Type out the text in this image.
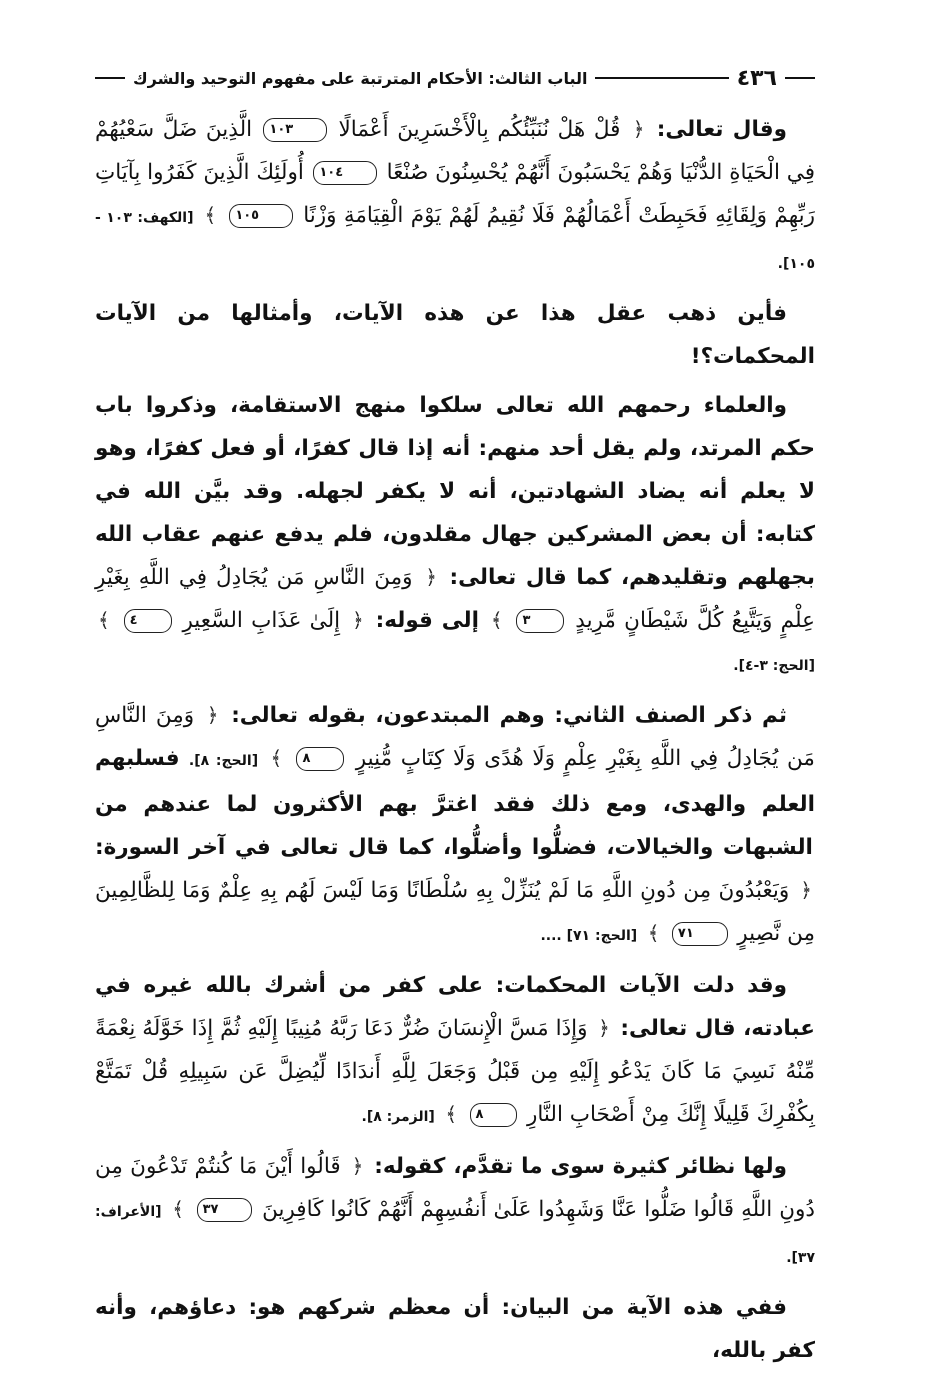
٤٣٦
الباب الثالث: الأحكام المترتبة على مفهوم التوحيد والشرك

وقال تعالى: ﴿ قُلْ هَلْ نُنَبِّئُكُم بِالْأَخْسَرِينَ أَعْمَالًا ١٠٣ الَّذِينَ ضَلَّ سَعْيُهُمْ فِي الْحَيَاةِ الدُّنْيَا وَهُمْ يَحْسَبُونَ أَنَّهُمْ يُحْسِنُونَ صُنْعًا ١٠٤ أُولَئِكَ الَّذِينَ كَفَرُوا بِآيَاتِ رَبِّهِمْ وَلِقَائِهِ فَحَبِطَتْ أَعْمَالُهُمْ فَلَا نُقِيمُ لَهُمْ يَوْمَ الْقِيَامَةِ وَزْنًا ١٠٥ ﴾ [الكهف: ١٠٣ - ١٠٥].

فأين ذهب عقل هذا عن هذه الآيات، وأمثالها من الآيات المحكمات؟!

والعلماء رحمهم الله تعالى سلكوا منهج الاستقامة، وذكروا باب حكم المرتد، ولم يقل أحد منهم: أنه إذا قال كفرًا، أو فعل كفرًا، وهو لا يعلم أنه يضاد الشهادتين، أنه لا يكفر لجهله. وقد بيَّن الله في كتابه: أن بعض المشركين جهال مقلدون، فلم يدفع عنهم عقاب الله بجهلهم وتقليدهم، كما قال تعالى: ﴿ وَمِنَ النَّاسِ مَن يُجَادِلُ فِي اللَّهِ بِغَيْرِ عِلْمٍ وَيَتَّبِعُ كُلَّ شَيْطَانٍ مَّرِيدٍ ٣ ﴾ إلى قوله: ﴿ إِلَىٰ عَذَابِ السَّعِيرِ ٤ ﴾ [الحج: ٣-٤].

ثم ذكر الصنف الثاني: وهم المبتدعون، بقوله تعالى: ﴿ وَمِنَ النَّاسِ مَن يُجَادِلُ فِي اللَّهِ بِغَيْرِ عِلْمٍ وَلَا هُدًى وَلَا كِتَابٍ مُّنِيرٍ ٨ ﴾ [الحج: ٨]. فسلبهم العلم والهدى، ومع ذلك فقد اغترَّ بهم الأكثرون لما عندهم من الشبهات والخيالات، فضلُّوا وأضلُّوا، كما قال تعالى في آخر السورة: ﴿ وَيَعْبُدُونَ مِن دُونِ اللَّهِ مَا لَمْ يُنَزِّلْ بِهِ سُلْطَانًا وَمَا لَيْسَ لَهُم بِهِ عِلْمٌ وَمَا لِلظَّالِمِينَ مِن نَّصِيرٍ ٧١ ﴾ [الحج: ٧١] ....

وقد دلت الآيات المحكمات: على كفر من أشرك بالله غيره في عبادته، قال تعالى: ﴿ وَإِذَا مَسَّ الْإِنسَانَ ضُرٌّ دَعَا رَبَّهُ مُنِيبًا إِلَيْهِ ثُمَّ إِذَا خَوَّلَهُ نِعْمَةً مِّنْهُ نَسِيَ مَا كَانَ يَدْعُو إِلَيْهِ مِن قَبْلُ وَجَعَلَ لِلَّهِ أَندَادًا لِّيُضِلَّ عَن سَبِيلِهِ قُلْ تَمَتَّعْ بِكُفْرِكَ قَلِيلًا إِنَّكَ مِنْ أَصْحَابِ النَّارِ ٨ ﴾ [الزمر: ٨].

ولها نظائر كثيرة سوى ما تقدَّم، كقوله: ﴿ قَالُوا أَيْنَ مَا كُنتُمْ تَدْعُونَ مِن دُونِ اللَّهِ قَالُوا ضَلُّوا عَنَّا وَشَهِدُوا عَلَىٰ أَنفُسِهِمْ أَنَّهُمْ كَانُوا كَافِرِينَ ٣٧ ﴾ [الأعراف: ٣٧].

ففي هذه الآية من البيان: أن معظم شركهم هو: دعاؤهم، وأنه كفر بالله،
